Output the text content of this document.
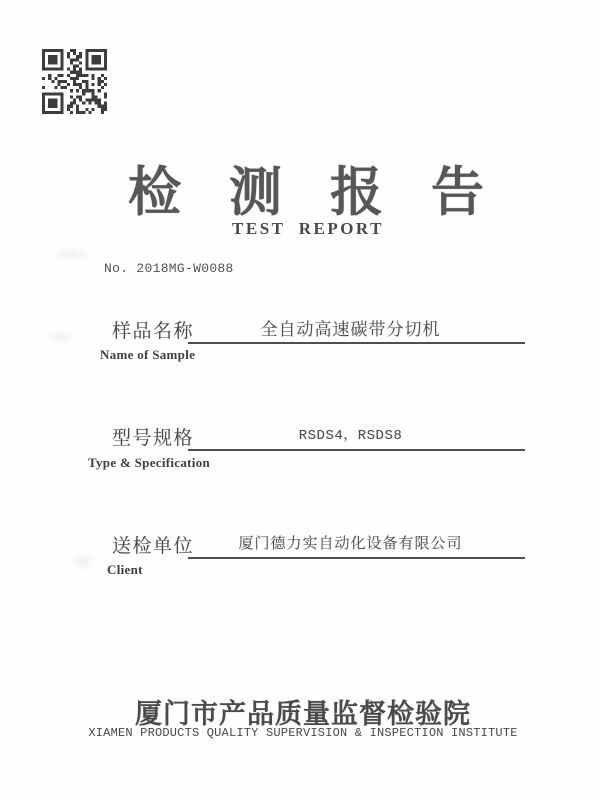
检测报告
TEST  REPORT
No. 2018MG-W0088
样品名称	全自动高速碳带分切机
Name of Sample
型号规格	RSDS4，RSDS8
Type & Specification
送检单位	厦门德力实自动化设备有限公司
Client
厦门市产品质量监督检验院
XIAMEN PRODUCTS QUALITY SUPERVISION & INSPECTION INSTITUTE
